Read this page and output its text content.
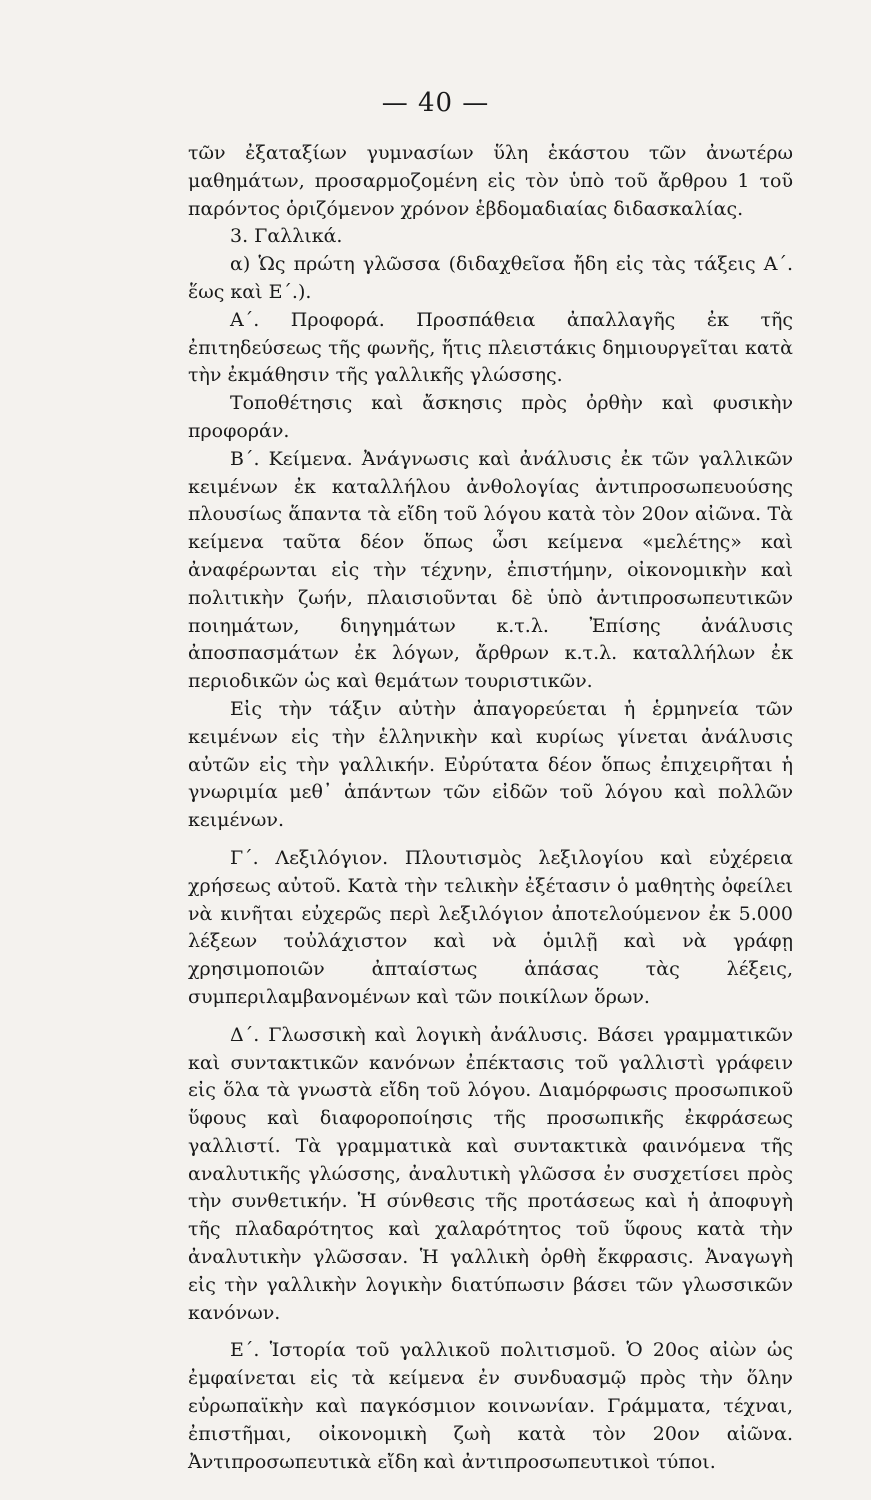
— 40 —

τῶν ἐξαταξίων γυμνασίων ὕλη ἑκάστου τῶν ἀνωτέρω μαθημάτων, προσαρμοζομένη εἰς τὸν ὑπὸ τοῦ ἄρθρου 1 τοῦ παρόντος ὁριζόμενον χρόνον ἑβδομαδιαίας διδασκαλίας.

3. Γαλλικά.

α) Ὡς πρώτη γλῶσσα (διδαχθεῖσα ἤδη εἰς τὰς τάξεις Α΄. ἕως καὶ Ε΄.).

Α΄. Προφορά. Προσπάθεια ἀπαλλαγῆς ἐκ τῆς ἐπιτηδεύσεως τῆς φωνῆς, ἥτις πλειστάκις δημιουργεῖται κατὰ τὴν ἐκμάθησιν τῆς γαλλικῆς γλώσσης.

Τοποθέτησις καὶ ἄσκησις πρὸς ὀρθὴν καὶ φυσικὴν προφοράν.

Β΄. Κείμενα. Ἀνάγνωσις καὶ ἀνάλυσις ἐκ τῶν γαλλικῶν κειμένων ἐκ καταλλήλου ἀνθολογίας ἀντιπροσωπευούσης πλουσίως ἅπαντα τὰ εἴδη τοῦ λόγου κατὰ τὸν 20ον αἰῶνα. Τὰ κείμενα ταῦτα δέον ὅπως ὦσι κείμενα «μελέτης» καὶ ἀναφέρωνται εἰς τὴν τέχνην, ἐπιστήμην, οἰκονομικὴν καὶ πολιτικὴν ζωήν, πλαισιοῦνται δὲ ὑπὸ ἀντιπροσωπευτικῶν ποιημάτων, διηγημάτων κ.τ.λ. Ἐπίσης ἀνάλυσις ἀποσπασμάτων ἐκ λόγων, ἄρθρων κ.τ.λ. καταλλήλων ἐκ περιοδικῶν ὡς καὶ θεμάτων τουριστικῶν.

Εἰς τὴν τάξιν αὐτὴν ἀπαγορεύεται ἡ ἑρμηνεία τῶν κειμένων εἰς τὴν ἑλληνικὴν καὶ κυρίως γίνεται ἀνάλυσις αὐτῶν εἰς τὴν γαλλικήν. Εὐρύτατα δέον ὅπως ἐπιχειρῆται ἡ γνωριμία μεθ᾿ ἁπάντων τῶν εἰδῶν τοῦ λόγου καὶ πολλῶν κειμένων.

Γ΄. Λεξιλόγιον. Πλουτισμὸς λεξιλογίου καὶ εὐχέρεια χρήσεως αὐτοῦ. Κατὰ τὴν τελικὴν ἐξέτασιν ὁ μαθητὴς ὀφείλει νὰ κινῆται εὐχερῶς περὶ λεξιλόγιον ἀποτελούμενον ἐκ 5.000 λέξεων τοὐλάχιστον καὶ νὰ ὁμιλῇ καὶ νὰ γράφῃ χρησιμοποιῶν ἀπταίστως ἁπάσας τὰς λέξεις, συμπεριλαμβανομένων καὶ τῶν ποικίλων ὅρων.

Δ΄. Γλωσσικὴ καὶ λογικὴ ἀνάλυσις. Βάσει γραμματικῶν καὶ συντακτικῶν κανόνων ἐπέκτασις τοῦ γαλλιστὶ γράφειν εἰς ὅλα τὰ γνωστὰ εἴδη τοῦ λόγου. Διαμόρφωσις προσωπικοῦ ὕφους καὶ διαφοροποίησις τῆς προσωπικῆς ἐκφράσεως γαλλιστί. Τὰ γραμματικὰ καὶ συντακτικὰ φαινόμενα τῆς αναλυτικῆς γλώσσης, ἀναλυτικὴ γλῶσσα ἐν συσχετίσει πρὸς τὴν συνθετικήν. Ἡ σύνθεσις τῆς προτάσεως καὶ ἡ ἀποφυγὴ τῆς πλαδαρότητος καὶ χαλαρότητος τοῦ ὕφους κατὰ τὴν ἀναλυτικὴν γλῶσσαν. Ἡ γαλλικὴ ὀρθὴ ἔκφρασις. Ἀναγωγὴ εἰς τὴν γαλλικὴν λογικὴν διατύπωσιν βάσει τῶν γλωσσικῶν κανόνων.

Ε΄. Ἱστορία τοῦ γαλλικοῦ πολιτισμοῦ. Ὁ 20ος αἰὼν ὡς ἐμφαίνεται εἰς τὰ κείμενα ἐν συνδυασμῷ πρὸς τὴν ὅλην εὐρωπαϊκὴν καὶ παγκόσμιον κοινωνίαν. Γράμματα, τέχναι, ἐπιστῆμαι, οἰκονομικὴ ζωὴ κατὰ τὸν 20ον αἰῶνα. Ἀντιπροσωπευτικὰ εἴδη καὶ ἀντιπροσωπευτικοὶ τύποι.
